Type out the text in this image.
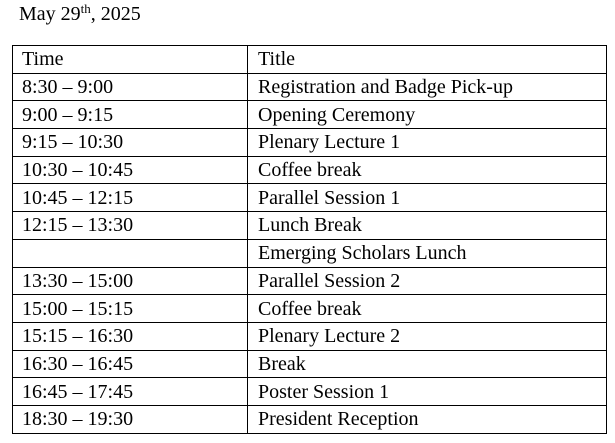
May 29th, 2025
Time	Title
8:30 – 9:00	Registration and Badge Pick-up
9:00 – 9:15	Opening Ceremony
9:15 – 10:30	Plenary Lecture 1
10:30 – 10:45	Coffee break
10:45 – 12:15	Parallel Session 1
12:15 – 13:30	Lunch Break
	Emerging Scholars Lunch
13:30 – 15:00	Parallel Session 2
15:00 – 15:15	Coffee break
15:15 – 16:30	Plenary Lecture 2
16:30 – 16:45	Break
16:45 – 17:45	Poster Session 1
18:30 – 19:30	President Reception
